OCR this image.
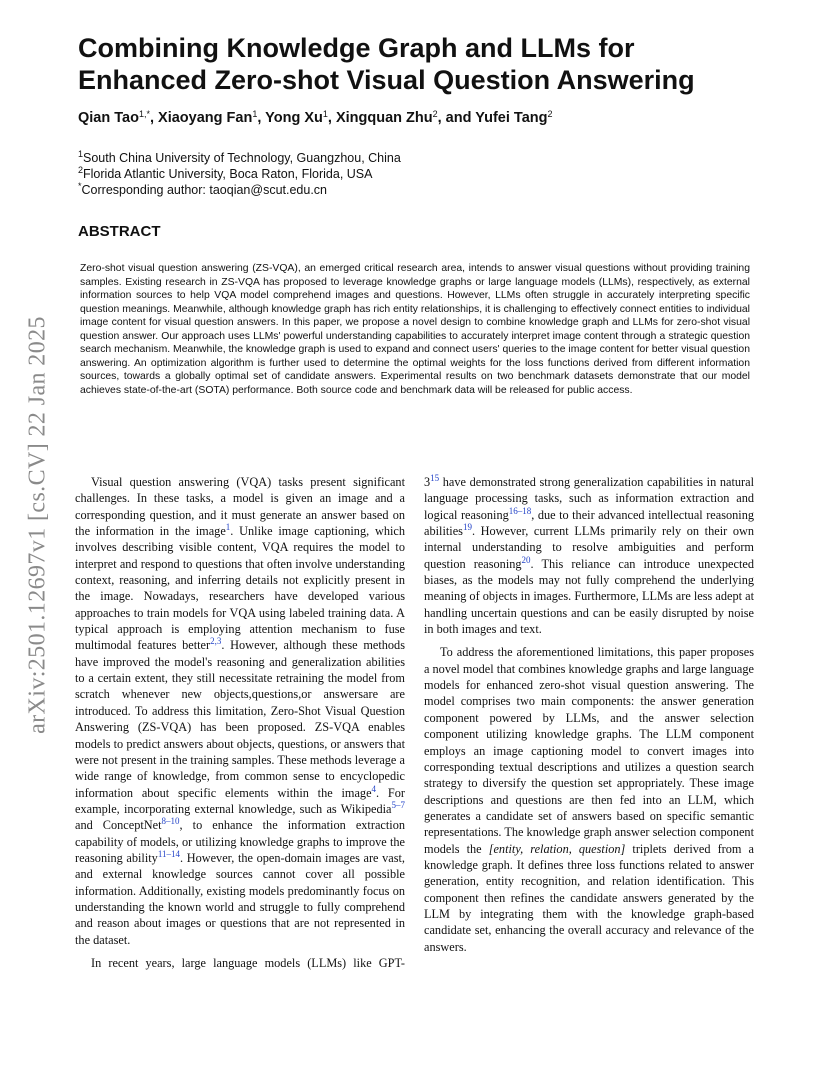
arXiv:2501.12697v1 [cs.CV] 22 Jan 2025
Combining Knowledge Graph and LLMs for
Enhanced Zero-shot Visual Question Answering
Qian Tao$^{1,*}$, Xiaoyang Fan$^1$, Yong Xu$^1$, Xingquan Zhu$^2$, and Yufei Tang$^2$
$^1$South China University of Technology, Guangzhou, China
$^2$Florida Atlantic University, Boca Raton, Florida, USA
*Corresponding author: taoqian@scut.edu.cn
ABSTRACT

Zero-shot visual question answering (ZS-VQA), an emerged critical research area, intends to answer visual questions without providing training samples. Existing research in ZS-VQA has proposed to leverage knowledge graphs or large language models (LLMs), respectively, as external information sources to help VQA model comprehend images and questions. However, LLMs often struggle in accurately interpreting specific question meanings. Meanwhile, although knowledge graph has rich entity relationships, it is challenging to effectively connect entities to individual image content for visual question answers. In this paper, we propose a novel design to combine knowledge graph and LLMs for zero-shot visual question answer. Our approach uses LLMs' powerful understanding capabilities to accurately interpret image content through a strategic question search mechanism. Meanwhile, the knowledge graph is used to expand and connect users' queries to the image content for better visual question answering. An optimization algorithm is further used to determine the optimal weights for the loss functions derived from different information sources, towards a globally optimal set of candidate answers. Experimental results on two benchmark datasets demonstrate that our model achieves state-of-the-art (SOTA) performance. Both source code and benchmark data will be released for public access.

Visual question answering (VQA) tasks present significant challenges. In these tasks, a model is given an image and a corresponding question, and it must generate an answer based on the information in the image$^1$. Unlike image captioning, which involves describing visible content, VQA requires the model to interpret and respond to questions that often involve understanding context, reasoning, and inferring details not explicitly present in the image. Nowadays, researchers have developed various approaches to train models for VQA using labeled training data. A typical approach is employing attention mechanism to fuse multimodal features better$^{2,3}$. However, although these methods have improved the model's reasoning and generalization abilities to a certain extent, they still necessitate retraining the model from scratch whenever new objects,questions,or answersare are introduced. To address this limitation, Zero-Shot Visual Question Answering (ZS-VQA) has been proposed. ZS-VQA enables models to predict answers about objects, questions, or answers that were not present in the training samples. These methods leverage a wide range of knowledge, from common sense to encyclopedic information about specific elements within the image$^4$. For example, incorporating external knowledge, such as Wikipedia$^{5-7}$ and ConceptNet$^{8-10}$, to enhance the information extraction capability of models, or utilizing knowledge graphs to improve the reasoning ability$^{11-14}$. However, the open-domain images are vast, and external knowledge sources cannot cover all possible information. Additionally, existing models predominantly focus on understanding the known world and struggle to fully comprehend and reason about images or questions that are not represented in the dataset.

In recent years, large language models (LLMs) like GPT-

$3^{15}$ have demonstrated strong generalization capabilities in natural language processing tasks, such as information extraction and logical reasoning$^{16-18}$, due to their advanced intellectual reasoning abilities$^{19}$. However, current LLMs primarily rely on their own internal understanding to resolve ambiguities and perform question reasoning$^{20}$. This reliance can introduce unexpected biases, as the models may not fully comprehend the underlying meaning of objects in images. Furthermore, LLMs are less adept at handling uncertain questions and can be easily disrupted by noise in both images and text.

To address the aforementioned limitations, this paper proposes a novel model that combines knowledge graphs and large language models for enhanced zero-shot visual question answering. The model comprises two main components: the answer generation component powered by LLMs, and the answer selection component utilizing knowledge graphs. The LLM component employs an image captioning model to convert images into corresponding textual descriptions and utilizes a question search strategy to diversify the question set appropriately. These image descriptions and questions are then fed into an LLM, which generates a candidate set of answers based on specific semantic representations. The knowledge graph answer selection component models the [entity, relation, question] triplets derived from a knowledge graph. It defines three loss functions related to answer generation, entity recognition, and relation identification. This component then refines the candidate answers generated by the LLM by integrating them with the knowledge graph-based candidate set, enhancing the overall accuracy and relevance of the answers.
